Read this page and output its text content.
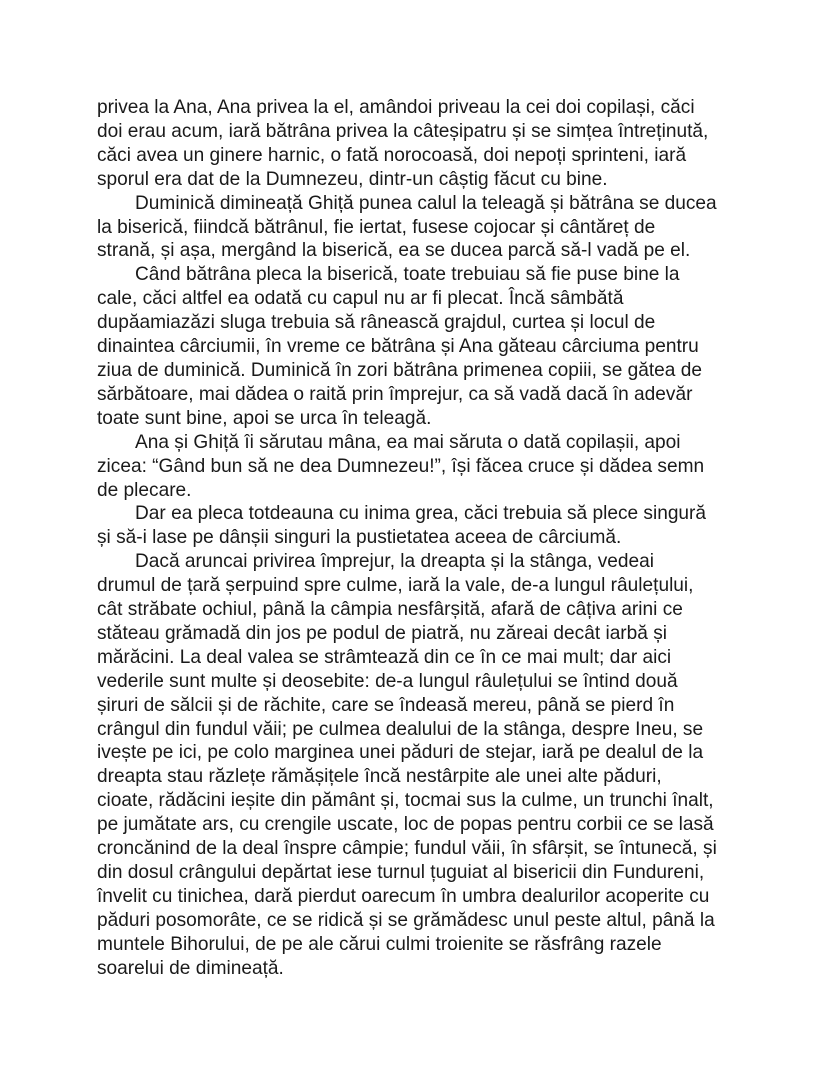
privea la Ana, Ana privea la el, amândoi priveau la cei doi copilași, căci
doi erau acum, iară bătrâna privea la câteșipatru și se simțea întreținută,
căci avea un ginere harnic, o fată norocoasă, doi nepoți sprinteni, iară
sporul era dat de la Dumnezeu, dintr-un câștig făcut cu bine.

Duminică dimineață Ghiță punea calul la teleagă și bătrâna se ducea
la biserică, fiindcă bătrânul, fie iertat, fusese cojocar și cântăreț de
strană, și așa, mergând la biserică, ea se ducea parcă să-l vadă pe el.

Când bătrâna pleca la biserică, toate trebuiau să fie puse bine la
cale, căci altfel ea odată cu capul nu ar fi plecat. Încă sâmbătă
dupăamiazăzi sluga trebuia să rânească grajdul, curtea și locul de
dinaintea cârciumii, în vreme ce bătrâna și Ana găteau cârciuma pentru
ziua de duminică. Duminică în zori bătrâna primenea copiii, se gătea de
sărbătoare, mai dădea o raită prin împrejur, ca să vadă dacă în adevăr
toate sunt bine, apoi se urca în teleagă.

Ana și Ghiță îi sărutau mâna, ea mai săruta o dată copilașii, apoi
zicea: “Gând bun să ne dea Dumnezeu!”, își făcea cruce și dădea semn
de plecare.

Dar ea pleca totdeauna cu inima grea, căci trebuia să plece singură
și să-i lase pe dânșii singuri la pustietatea aceea de cârciumă.

Dacă aruncai privirea împrejur, la dreapta și la stânga, vedeai
drumul de țară șerpuind spre culme, iară la vale, de-a lungul râulețului,
cât străbate ochiul, până la câmpia nesfârșită, afară de câțiva arini ce
stăteau grămadă din jos pe podul de piatră, nu zăreai decât iarbă și
mărăcini. La deal valea se strâmtează din ce în ce mai mult; dar aici
vederile sunt multe și deosebite: de-a lungul râulețului se întind două
șiruri de sălcii și de răchite, care se îndeasă mereu, până se pierd în
crângul din fundul văii; pe culmea dealului de la stânga, despre Ineu, se
ivește pe ici, pe colo marginea unei păduri de stejar, iară pe dealul de la
dreapta stau răzlețe rămășițele încă nestârpite ale unei alte păduri,
cioate, rădăcini ieșite din pământ și, tocmai sus la culme, un trunchi înalt,
pe jumătate ars, cu crengile uscate, loc de popas pentru corbii ce se lasă
croncănind de la deal înspre câmpie; fundul văii, în sfârșit, se întunecă, și
din dosul crângului depărtat iese turnul țuguiat al bisericii din Fundureni,
învelit cu tinichea, dară pierdut oarecum în umbra dealurilor acoperite cu
păduri posomorâte, ce se ridică și se grămădesc unul peste altul, până la
muntele Bihorului, de pe ale cărui culmi troienite se răsfrâng razele
soarelui de dimineață.
